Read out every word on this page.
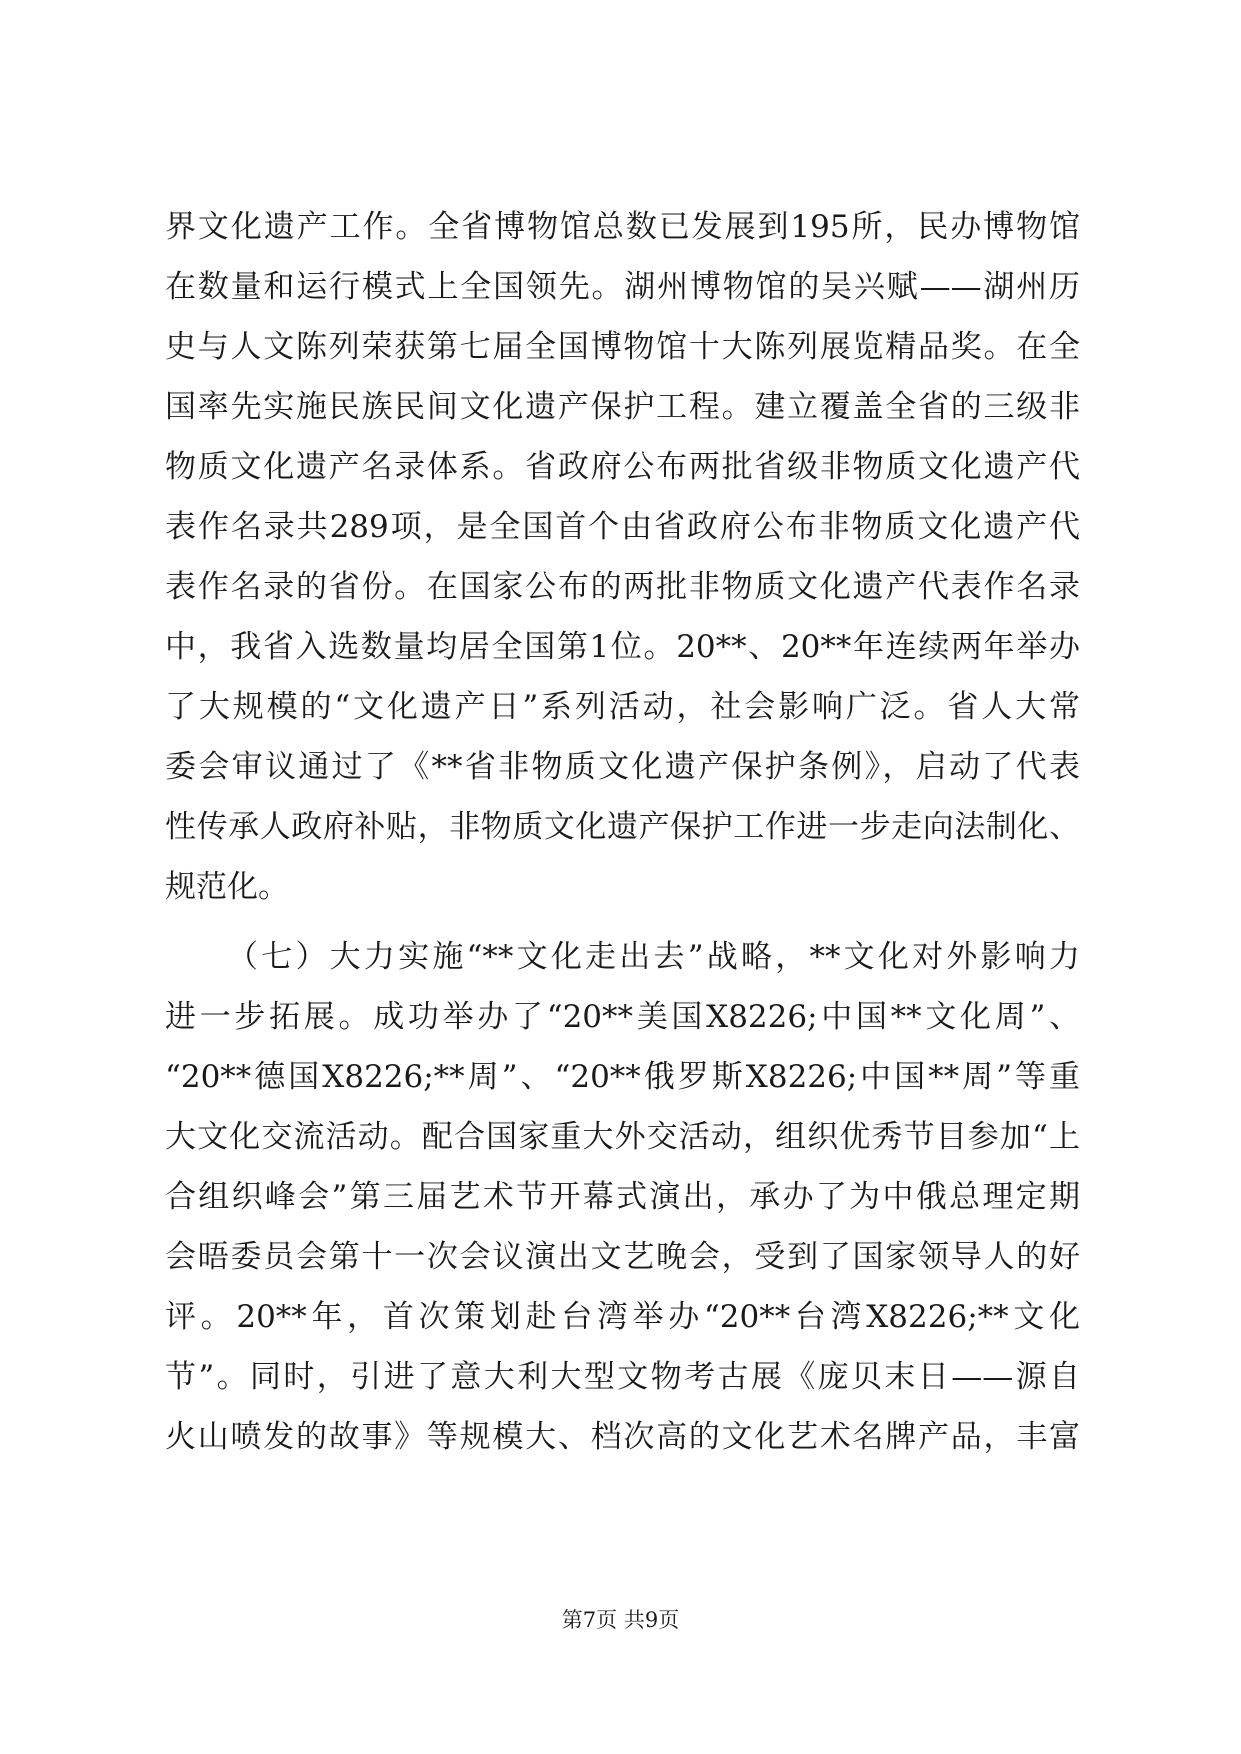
界文化遗产工作。全省博物馆总数已发展到195所，民办博物馆
在数量和运行模式上全国领先。湖州博物馆的吴兴赋——湖州历
史与人文陈列荣获第七届全国博物馆十大陈列展览精品奖。在全
国率先实施民族民间文化遗产保护工程。建立覆盖全省的三级非
物质文化遗产名录体系。省政府公布两批省级非物质文化遗产代
表作名录共289项，是全国首个由省政府公布非物质文化遗产代
表作名录的省份。在国家公布的两批非物质文化遗产代表作名录
中，我省入选数量均居全国第1位。20**、20**年连续两年举办
了大规模的“文化遗产日”系列活动，社会影响广泛。省人大常
委会审议通过了《**省非物质文化遗产保护条例》，启动了代表
性传承人政府补贴，非物质文化遗产保护工作进一步走向法制化、
规范化。
（七）大力实施“**文化走出去”战略，**文化对外影响力
进一步拓展。成功举办了“20**美国X8226;中国**文化周”、
“20**德国X8226;**周”、“20**俄罗斯X8226;中国**周”等重
大文化交流活动。配合国家重大外交活动，组织优秀节目参加“上
合组织峰会”第三届艺术节开幕式演出，承办了为中俄总理定期
会晤委员会第十一次会议演出文艺晚会，受到了国家领导人的好
评。20**年，首次策划赴台湾举办“20**台湾X8226;**文化
节”。同时，引进了意大利大型文物考古展《庞贝末日——源自
火山喷发的故事》等规模大、档次高的文化艺术名牌产品，丰富
第7页 共9页
